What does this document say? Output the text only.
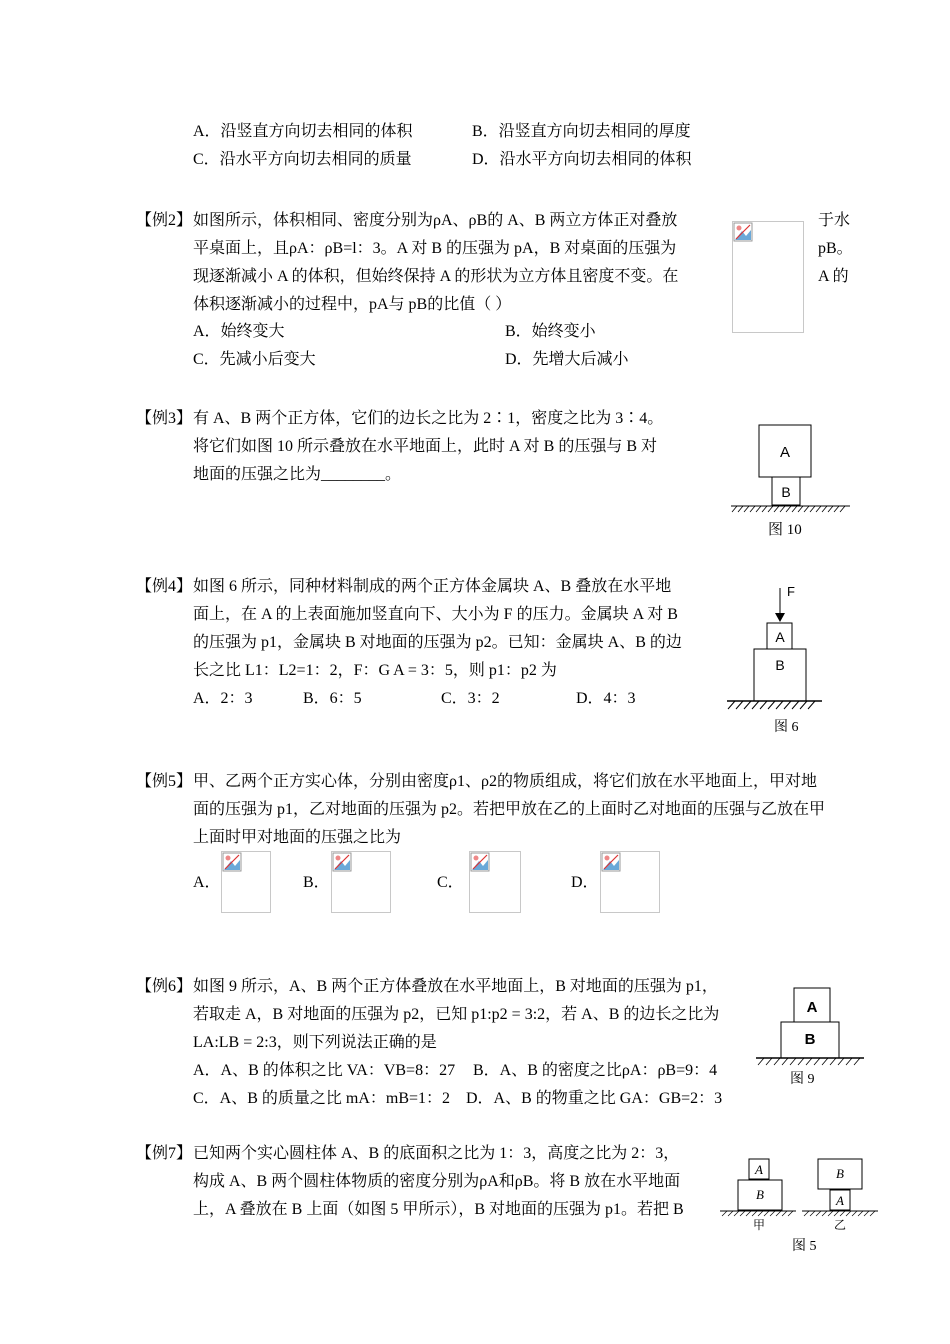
A．沿竖直方向切去相同的体积	B．沿竖直方向切去相同的厚度
C．沿水平方向切去相同的质量	D．沿水平方向切去相同的体积
【例2】 如图所示，体积相同、密度分别为ρA、ρB的 A、B 两立方体正对叠放
平桌面上，且ρA：ρB=l：3。A 对 B 的压强为 pA，B 对桌面的压强为
现逐渐减小 A 的体积，但始终保持 A 的形状为立方体且密度不变。在
体积逐渐减小的过程中，pA与 pB的比值（ ）
于水
pB。
A 的
A．始终变大	B．始终变小
C．先减小后变大	D．先增大后减小
【例3】 有 A、B 两个正方体，它们的边长之比为 2∶1，密度之比为 3∶4。
将它们如图 10 所示叠放在水平地面上，此时 A 对 B 的压强与 B 对
地面的压强之比为________。
A
B
图 10
【例4】 如图 6 所示，同种材料制成的两个正方体金属块 A、B 叠放在水平地
面上，在 A 的上表面施加竖直向下、大小为 F 的压力。金属块 A 对 B
的压强为 p1，金属块 B 对地面的压强为 p2。已知：金属块 A、B 的边
长之比 L1：L2=1：2，F：G A = 3：5，则 p1：p2 为
A．2：3	B．6：5	C．3：2	D．4：3
F
A
B
图 6
【例5】 甲、乙两个正方实心体，分别由密度ρ1、ρ2的物质组成，将它们放在水平地面上，甲对地
面的压强为 p1，乙对地面的压强为 p2。若把甲放在乙的上面时乙对地面的压强与乙放在甲
上面时甲对地面的压强之比为
A．	B．	C．	D．
【例6】 如图 9 所示，A、B 两个正方体叠放在水平地面上，B 对地面的压强为 p1，
若取走 A，B 对地面的压强为 p2，已知 p1:p2 = 3:2，若 A、B 的边长之比为
LA:LB = 2:3，则下列说法正确的是
A．A、B 的体积之比 VA：VB=8：27 B．A、B 的密度之比ρA：ρB=9：4
C．A、B 的质量之比 mA：mB=1：2 D．A、B 的物重之比 GA：GB=2：3
A
B
图 9
【例7】 已知两个实心圆柱体 A、B 的底面积之比为 1：3，高度之比为 2：3，
构成 A、B 两个圆柱体物质的密度分别为ρA和ρB。将 B 放在水平地面
上，A 叠放在 B 上面（如图 5 甲所示），B 对地面的压强为 p1。若把 B
A
B
甲
B
A
乙
图 5
